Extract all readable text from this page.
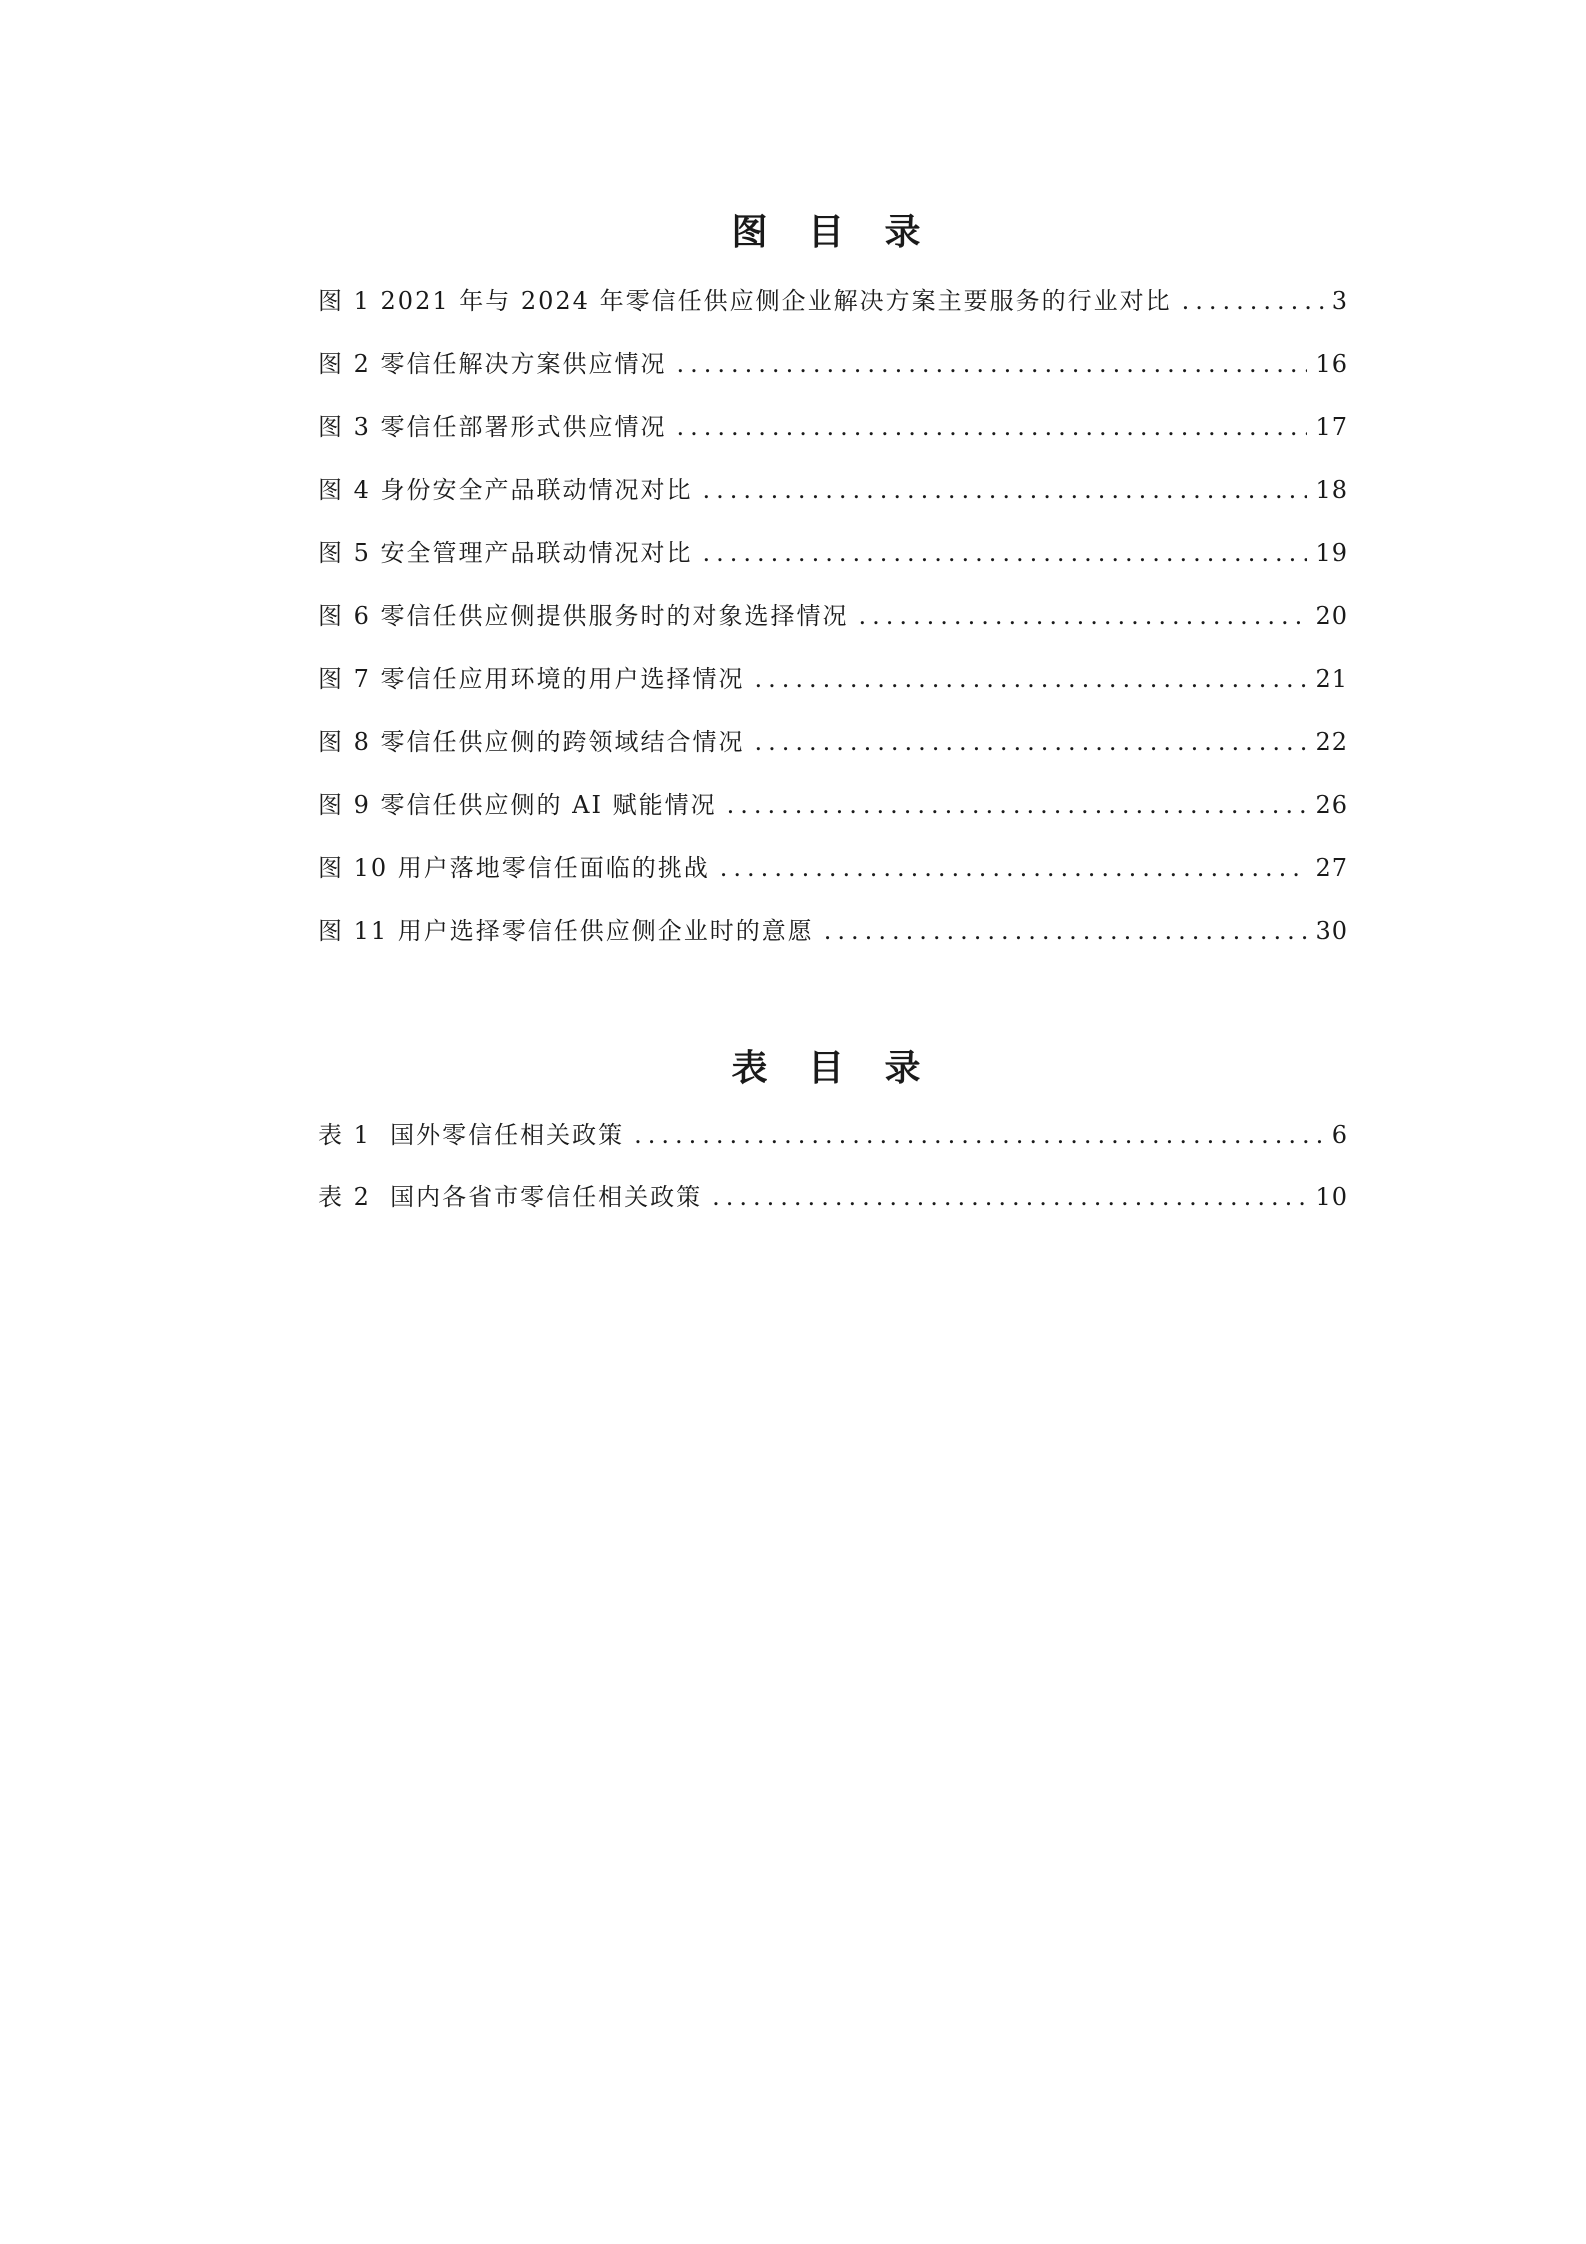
图 目 录
图 1 2021 年与 2024 年零信任供应侧企业解决方案主要服务的行业对比 .....	3
图 2 零信任解决方案供应情况 .....	16
图 3 零信任部署形式供应情况 .....	17
图 4 身份安全产品联动情况对比 .....	18
图 5 安全管理产品联动情况对比 .....	19
图 6 零信任供应侧提供服务时的对象选择情况 .....	20
图 7 零信任应用环境的用户选择情况 .....	21
图 8 零信任供应侧的跨领域结合情况 .....	22
图 9 零信任供应侧的 AI 赋能情况 .....	26
图 10 用户落地零信任面临的挑战 .....	27
图 11 用户选择零信任供应侧企业时的意愿 .....	30
表 目 录
表 1  国外零信任相关政策 .....	6
表 2  国内各省市零信任相关政策 .....	10
